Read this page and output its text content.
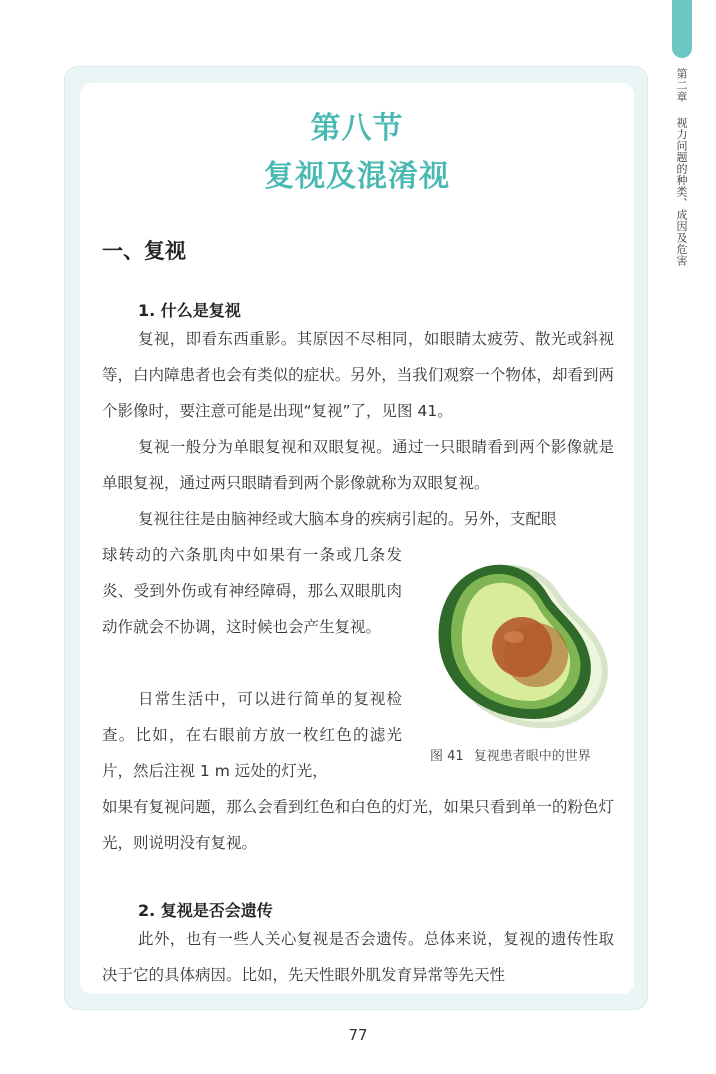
第二章 视力问题的种类、成因及危害
第八节
复视及混淆视
一、复视
1. 什么是复视
复视，即看东西重影。其原因不尽相同，如眼睛太疲劳、散光或斜视等，白内障患者也会有类似的症状。另外，当我们观察一个物体，却看到两个影像时，要注意可能是出现“复视”了，见图 41。
复视一般分为单眼复视和双眼复视。通过一只眼睛看到两个影像就是单眼复视，通过两只眼睛看到两个影像就称为双眼复视。
复视往往是由脑神经或大脑本身的疾病引起的。另外，支配眼
球转动的六条肌肉中如果有一条或几条发炎、受到外伤或有神经障碍，那么双眼肌肉动作就会不协调，这时候也会产生复视。
日常生活中，可以进行简单的复视检查。比如，在右眼前方放一枚红色的滤光片，然后注视 1 m 远处的灯光，
如果有复视问题，那么会看到红色和白色的灯光，如果只看到单一的粉色灯光，则说明没有复视。
2. 复视是否会遗传
此外，也有一些人关心复视是否会遗传。总体来说，复视的遗传性取决于它的具体病因。比如，先天性眼外肌发育异常等先天性
图 41 复视患者眼中的世界
77
